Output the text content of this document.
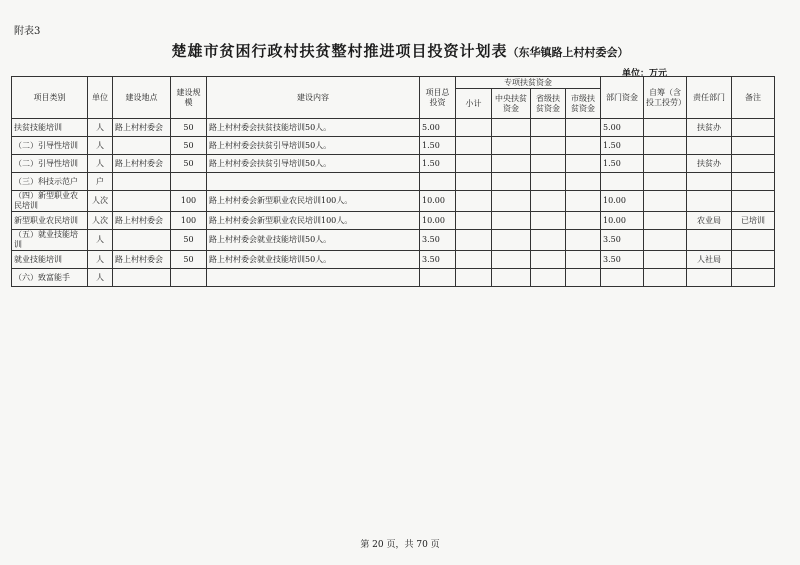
附表3
楚雄市贫困行政村扶贫整村推进项目投资计划表（东华镇路上村村委会）
单位：万元
项目类别	单位	建设地点	建设规模	建设内容	项目总投资	专项扶贫资金				部门资金	自筹（含投工投劳）	责任部门	备注
						小计	中央扶贫资金	省级扶贫资金	市级扶贫资金				
扶贫技能培训	人	路上村村委会	50	路上村村委会扶贫技能培训50人。	5.00					5.00		扶贫办	
（二）引导性培训	人		50	路上村村委会扶贫引导培训50人。	1.50					1.50			
（二）引导性培训	人	路上村村委会	50	路上村村委会扶贫引导培训50人。	1.50					1.50		扶贫办	
（三）科技示范户	户												
（四）新型职业农民培训	人次		100	路上村村委会新型职业农民培训100人。	10.00					10.00			
新型职业农民培训	人次	路上村村委会	100	路上村村委会新型职业农民培训100人。	10.00					10.00		农业局	已培训
（五）就业技能培训	人		50	路上村村委会就业技能培训50人。	3.50					3.50			
就业技能培训	人	路上村村委会	50	路上村村委会就业技能培训50人。	3.50					3.50		人社局	
（六）致富能手	人												
第 20 页，共 70 页
